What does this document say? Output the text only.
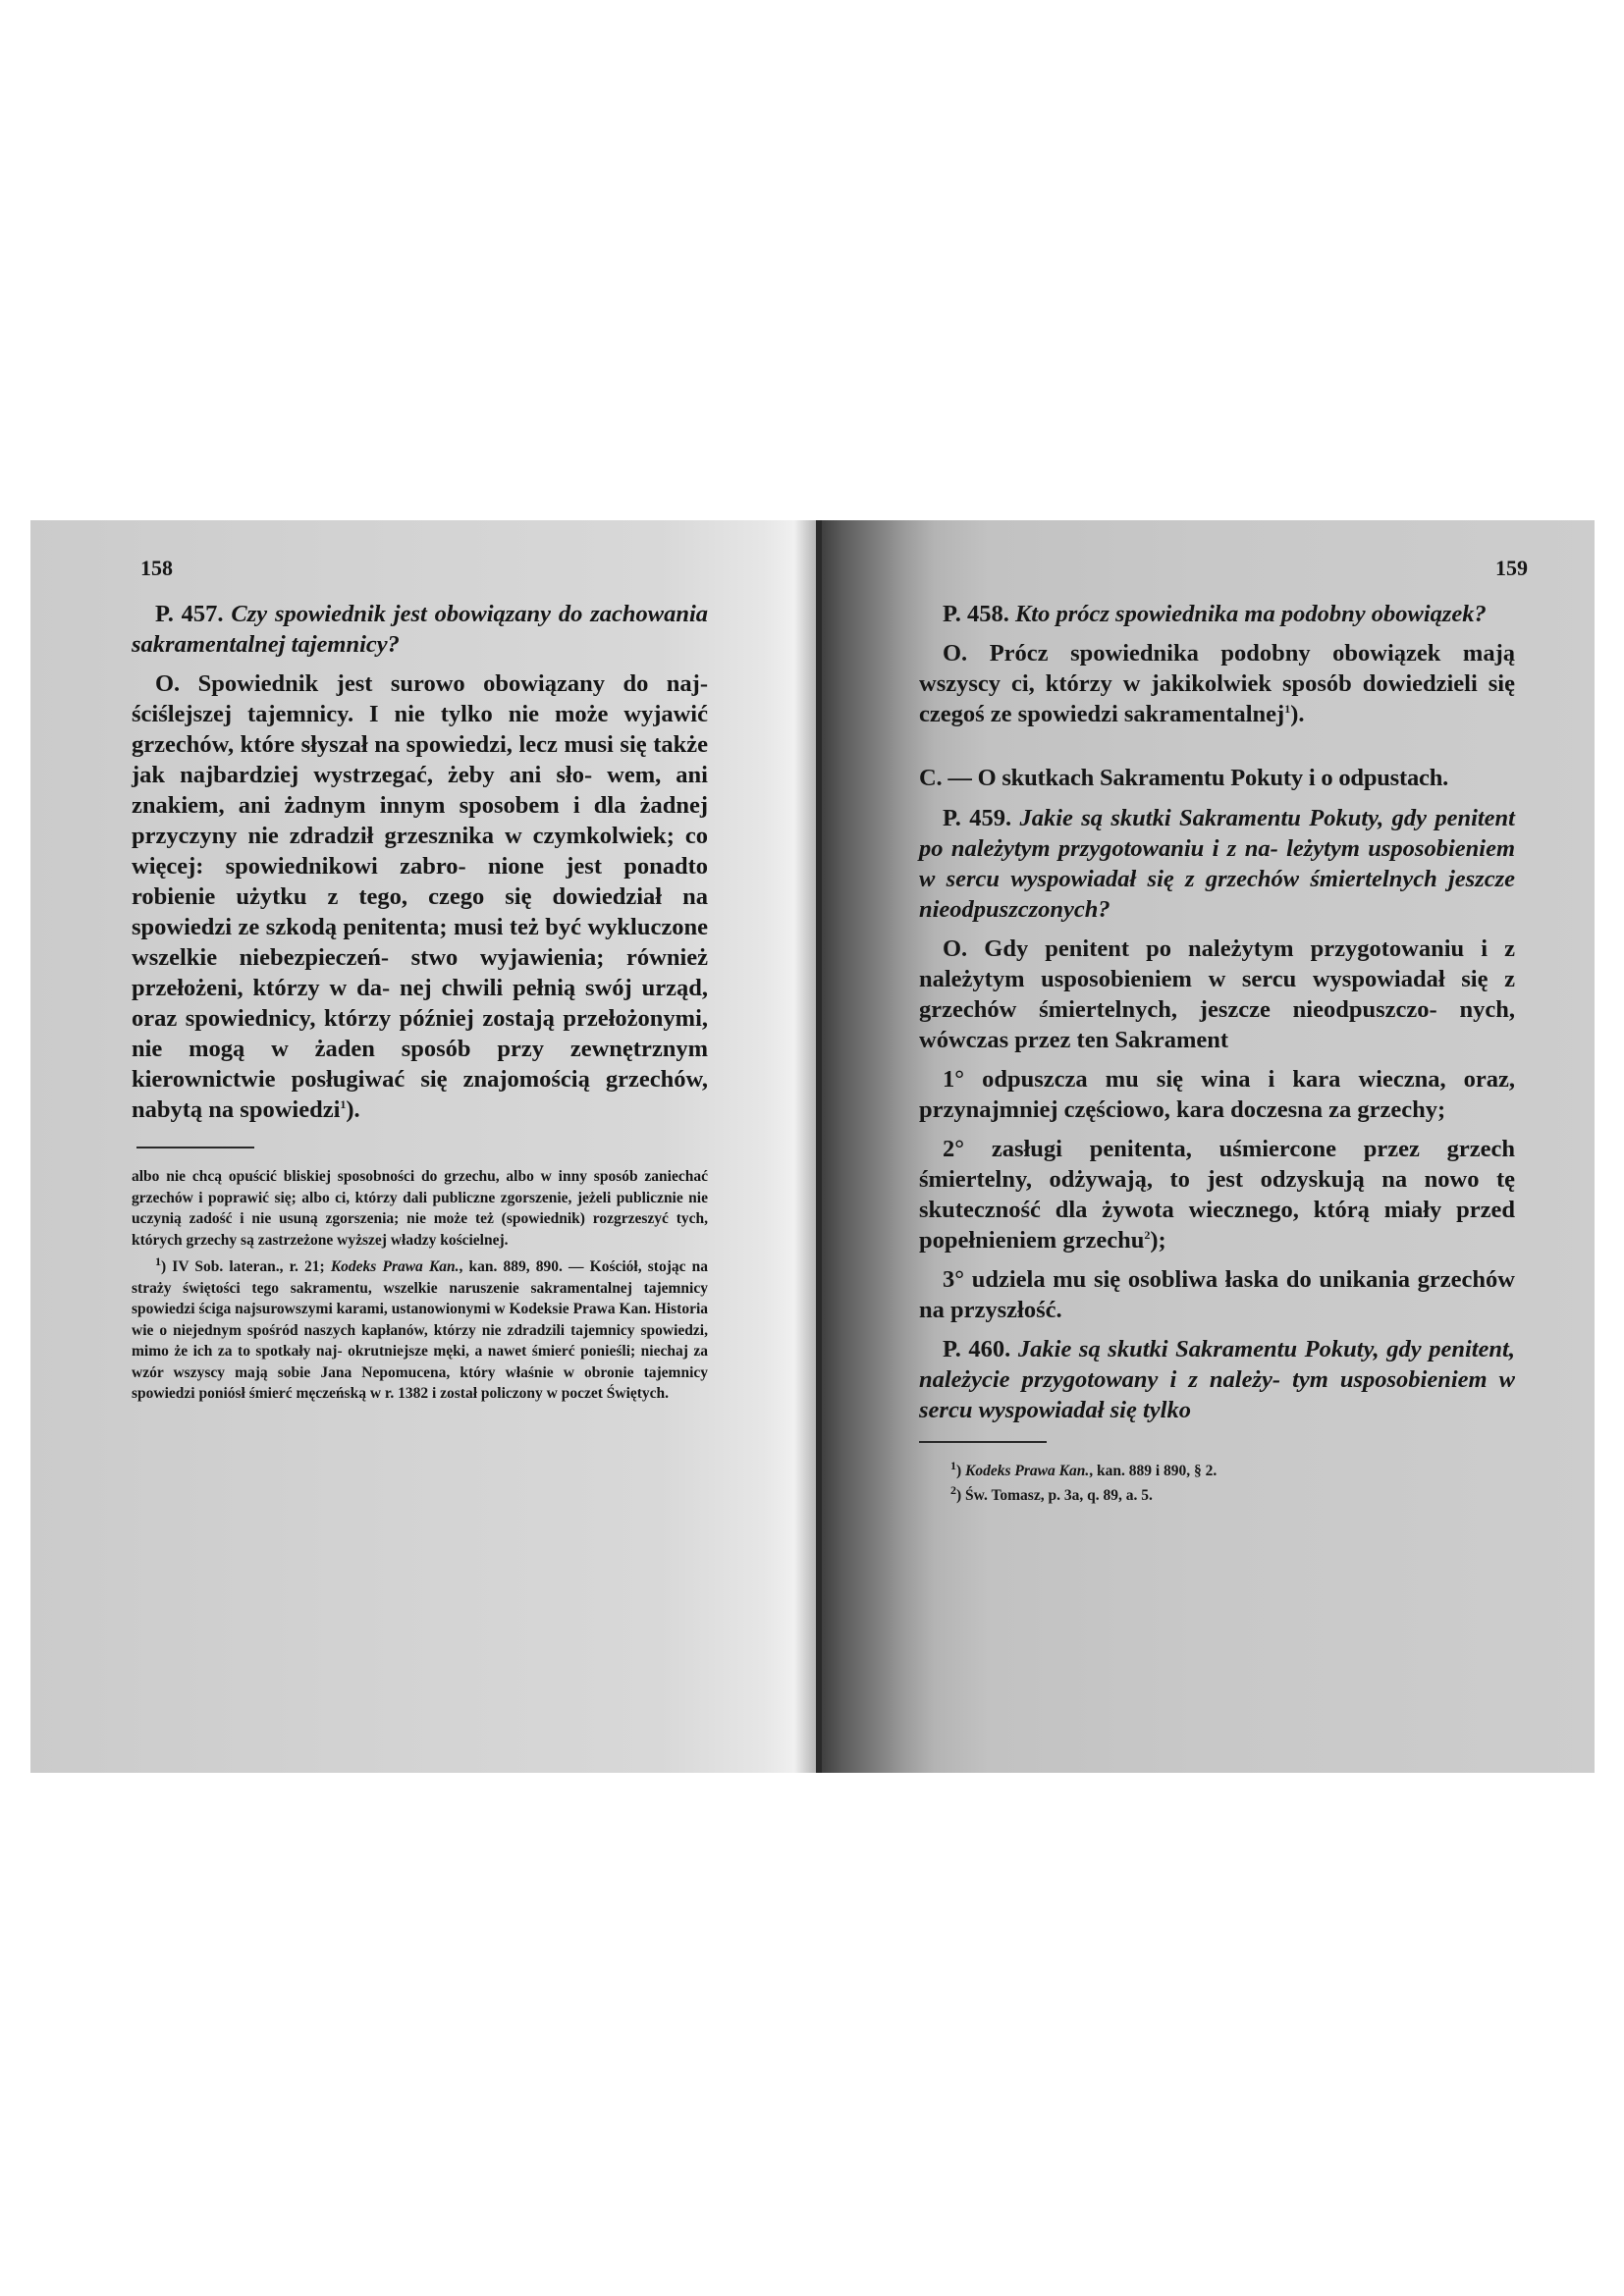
158

P. 457. Czy spowiednik jest obowiązany do zachowania sakramentalnej tajemnicy?

O. Spowiednik jest surowo obowiązany do naj- ściślejszej tajemnicy. I nie tylko nie może wyjawić grzechów, które słyszał na spowiedzi, lecz musi się także jak najbardziej wystrzegać, żeby ani sło- wem, ani znakiem, ani żadnym innym sposobem i dla żadnej przyczyny nie zdradził grzesznika w czymkolwiek; co więcej: spowiednikowi zabro- nione jest ponadto robienie użytku z tego, czego się dowiedział na spowiedzi ze szkodą penitenta; musi też być wykluczone wszelkie niebezpieczeń- stwo wyjawienia; również przełożeni, którzy w da- nej chwili pełnią swój urząd, oraz spowiednicy, którzy później zostają przełożonymi, nie mogą w żaden sposób przy zewnętrznym kierownictwie posługiwać się znajomością grzechów, nabytą na spowiedzi$^1$).

albo nie chcą opuścić bliskiej sposobności do grzechu, albo w inny sposób zaniechać grzechów i poprawić się; albo ci, którzy dali publiczne zgorszenie, jeżeli publicznie nie uczynią zadość i nie usuną zgorszenia; nie może też (spowiednik) rozgrzeszyć tych, których grzechy są zastrzeżone wyższej władzy kościelnej.

$^1$) IV Sob. lateran., r. 21; Kodeks Prawa Kan., kan. 889, 890. — Kościół, stojąc na straży świętości tego sakramentu, wszelkie naruszenie sakramentalnej tajemnicy spowiedzi ściga najsurowszymi karami, ustanowionymi w Kodeksie Prawa Kan. Historia wie o niejednym spośród naszych kapłanów, którzy nie zdradzili tajemnicy spowiedzi, mimo że ich za to spotkały naj- okrutniejsze męki, a nawet śmierć ponieśli; niechaj za wzór wszyscy mają sobie Jana Nepomucena, który właśnie w obronie tajemnicy spowiedzi poniósł śmierć męczeńską w r. 1382 i został policzony w poczet Świętych.

159

P. 458. Kto prócz spowiednika ma podobny obowiązek?

O. Prócz spowiednika podobny obowiązek mają wszyscy ci, którzy w jakikolwiek sposób dowiedzieli się czegoś ze spowiedzi sakramentalnej$^1$).

C. — O skutkach Sakramentu Pokuty i o odpustach.

P. 459. Jakie są skutki Sakramentu Pokuty, gdy penitent po należytym przygotowaniu i z na- leżytym usposobieniem w sercu wyspowiadał się z grzechów śmiertelnych jeszcze nieodpuszczonych?

O. Gdy penitent po należytym przygotowaniu i z należytym usposobieniem w sercu wyspowiadał się z grzechów śmiertelnych, jeszcze nieodpuszczo- nych, wówczas przez ten Sakrament

1° odpuszcza mu się wina i kara wieczna, oraz, przynajmniej częściowo, kara doczesna za grzechy;

2° zasługi penitenta, uśmiercone przez grzech śmiertelny, odżywają, to jest odzyskują na nowo tę skuteczność dla żywota wiecznego, którą miały przed popełnieniem grzechu$^2$);

3° udziela mu się osobliwa łaska do unikania grzechów na przyszłość.

P. 460. Jakie są skutki Sakramentu Pokuty, gdy penitent, należycie przygotowany i z należy- tym usposobieniem w sercu wyspowiadał się tylko

$^1$) Kodeks Prawa Kan., kan. 889 i 890, § 2.

$^2$) Św. Tomasz, p. 3a, q. 89, a. 5.
